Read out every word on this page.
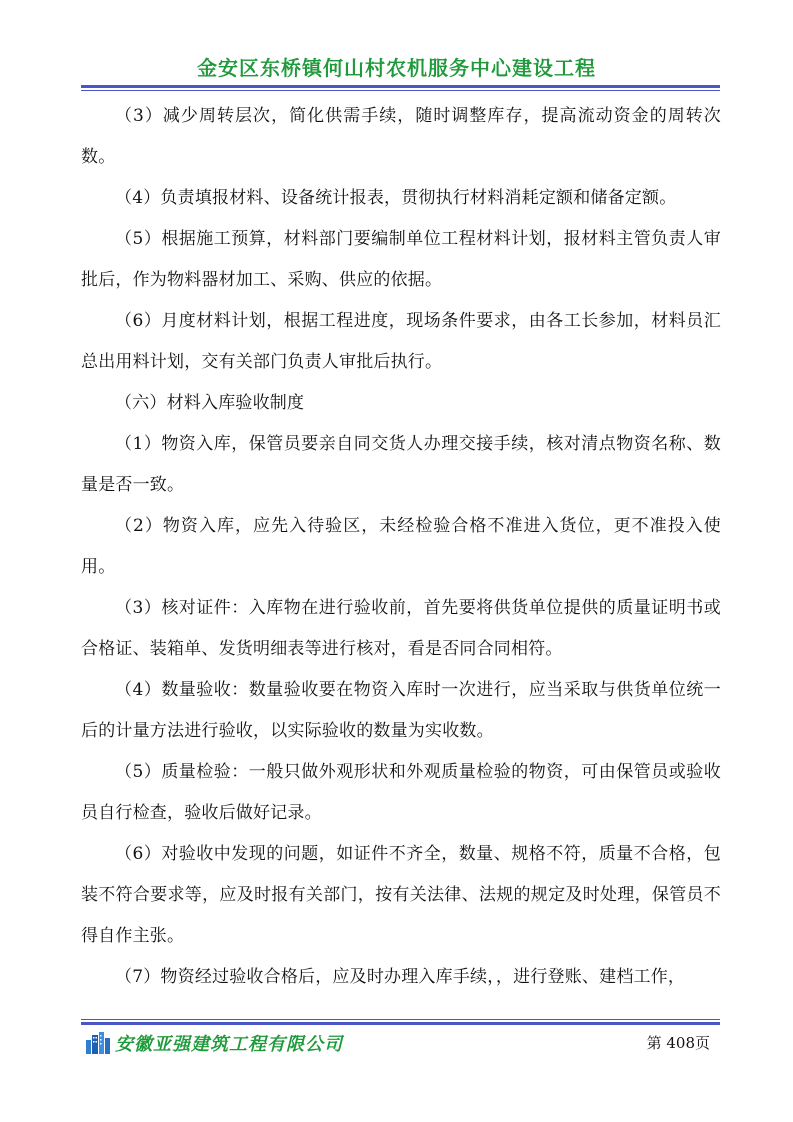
金安区东桥镇何山村农机服务中心建设工程

（3）减少周转层次，简化供需手续，随时调整库存，提高流动资金的周转次数。

（4）负责填报材料、设备统计报表，贯彻执行材料消耗定额和储备定额。

（5）根据施工预算，材料部门要编制单位工程材料计划，报材料主管负责人审批后，作为物料器材加工、采购、供应的依据。

（6）月度材料计划，根据工程进度，现场条件要求，由各工长参加，材料员汇总出用料计划，交有关部门负责人审批后执行。

（六）材料入库验收制度

（1）物资入库，保管员要亲自同交货人办理交接手续，核对清点物资名称、数量是否一致。

（2）物资入库，应先入待验区，未经检验合格不准进入货位，更不准投入使用。

（3）核对证件：入库物在进行验收前，首先要将供货单位提供的质量证明书或合格证、装箱单、发货明细表等进行核对，看是否同合同相符。

（4）数量验收：数量验收要在物资入库时一次进行，应当采取与供货单位统一后的计量方法进行验收，以实际验收的数量为实收数。

（5）质量检验：一般只做外观形状和外观质量检验的物资，可由保管员或验收员自行检查，验收后做好记录。

（6）对验收中发现的问题，如证件不齐全，数量、规格不符，质量不合格，包装不符合要求等，应及时报有关部门，按有关法律、法规的规定及时处理，保管员不得自作主张。

（7）物资经过验收合格后，应及时办理入库手续，，进行登账、建档工作，

安徽亚强建筑工程有限公司	第 408页
